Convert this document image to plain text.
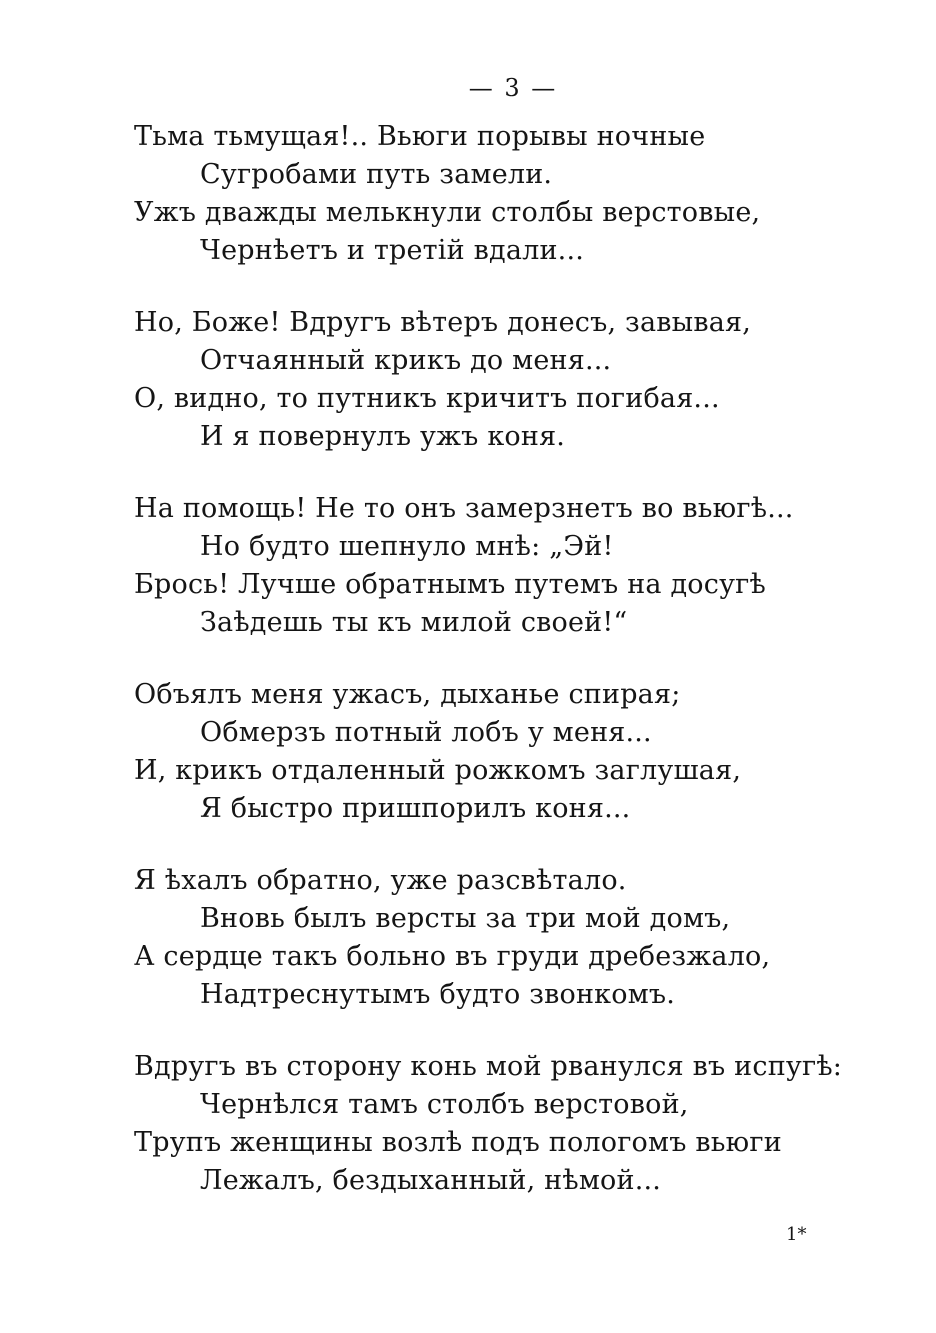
— 3 —
Тьма тьмущая!.. Вьюги порывы ночные
Сугробами путь замели.
Ужъ дважды мелькнули столбы верстовые,
Чернѣетъ и третій вдали...
Но, Боже! Вдругъ вѣтеръ донесъ, завывая,
Отчаянный крикъ до меня...
О, видно, то путникъ кричитъ погибая...
И я повернулъ ужъ коня.
На помощь! Не то онъ замерзнетъ во вьюгѣ...
Но будто шепнуло мнѣ: „Эй!
Брось! Лучше обратнымъ путемъ на досугѣ
Заѣдешь ты къ милой своей!“
Объялъ меня ужасъ, дыханье спирая;
Обмерзъ потный лобъ у меня...
И, крикъ отдаленный рожкомъ заглушая,
Я быстро пришпорилъ коня...
Я ѣхалъ обратно, уже разсвѣтало.
Вновь былъ версты за три мой домъ,
А сердце такъ больно въ груди дребезжало,
Надтреснутымъ будто звонкомъ.
Вдругъ въ сторону конь мой рванулся въ испугѣ:
Чернѣлся тамъ столбъ верстовой,
Трупъ женщины возлѣ подъ пологомъ вьюги
Лежалъ, бездыханный, нѣмой...
1*
